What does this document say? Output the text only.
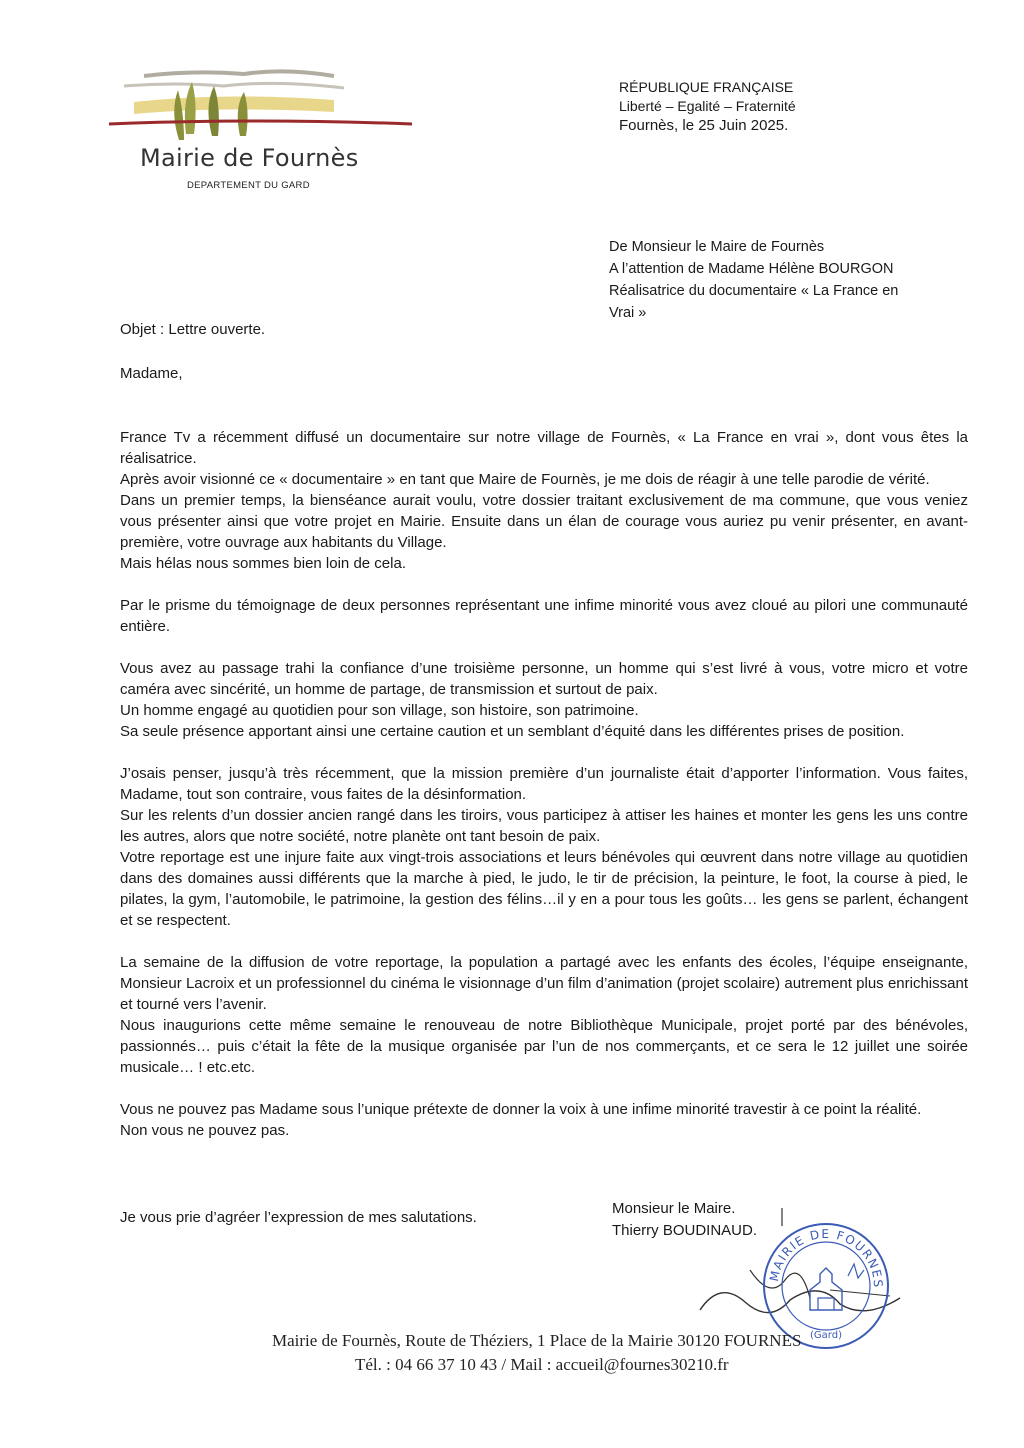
Mairie de Fournès
DEPARTEMENT DU GARD
RÉPUBLIQUE FRANÇAISE
Liberté – Egalité – Fraternité
Fournès, le 25 Juin 2025.
De Monsieur le Maire de Fournès
A l’attention de Madame Hélène BOURGON
Réalisatrice du documentaire « La France en
Vrai »
Objet : Lettre ouverte.
Madame,

France Tv a récemment diffusé un documentaire sur notre village de Fournès, « La France en vrai », dont vous êtes la réalisatrice.

Après avoir visionné ce « documentaire » en tant que Maire de Fournès, je me dois de réagir à une telle parodie de vérité.

Dans un premier temps, la bienséance aurait voulu, votre dossier traitant exclusivement de ma commune, que vous veniez vous présenter ainsi que votre projet en Mairie. Ensuite dans un élan de courage vous auriez pu venir présenter, en avant-première, votre ouvrage aux habitants du Village.

Mais hélas nous sommes bien loin de cela.

Par le prisme du témoignage de deux personnes représentant une infime minorité vous avez cloué au pilori une communauté entière.

Vous avez au passage trahi la confiance d’une troisième personne, un homme qui s’est livré à vous, votre micro et votre caméra avec sincérité, un homme de partage, de transmission et surtout de paix.

Un homme engagé au quotidien pour son village, son histoire, son patrimoine.

Sa seule présence apportant ainsi une certaine caution et un semblant d’équité dans les différentes prises de position.

J’osais penser, jusqu’à très récemment, que la mission première d’un journaliste était d’apporter l’information. Vous faites, Madame, tout son contraire, vous faites de la désinformation.

Sur les relents d’un dossier ancien rangé dans les tiroirs, vous participez à attiser les haines et monter les gens les uns contre les autres, alors que notre société, notre planète ont tant besoin de paix.

Votre reportage est une injure faite aux vingt-trois associations et leurs bénévoles qui œuvrent dans notre village au quotidien dans des domaines aussi différents que la marche à pied, le judo, le tir de précision, la peinture, le foot, la course à pied, le pilates, la gym, l’automobile, le patrimoine, la gestion des félins…il y en a pour tous les goûts… les gens se parlent, échangent et se respectent.

La semaine de la diffusion de votre reportage, la population a partagé avec les enfants des écoles, l’équipe enseignante, Monsieur Lacroix et un professionnel du cinéma le visionnage d’un film d’animation (projet scolaire) autrement plus enrichissant et tourné vers l’avenir.

Nous inaugurions cette même semaine le renouveau de notre Bibliothèque Municipale, projet porté par des bénévoles, passionnés… puis c’était la fête de la musique organisée par l’un de nos commerçants, et ce sera le 12 juillet une soirée musicale… ! etc.etc.

Vous ne pouvez pas Madame sous l’unique prétexte de donner la voix à une infime minorité travestir à ce point la réalité.

Non vous ne pouvez pas.

Je vous prie d’agréer l’expression de mes salutations.
Monsieur le Maire.
Thierry BOUDINAUD.
MAIRIE DE FOURNES
(Gard)
Mairie de Fournès, Route de Théziers, 1 Place de la Mairie 30120 FOURNES
Tél. : 04 66 37 10 43 / Mail : accueil@fournes30210.fr
